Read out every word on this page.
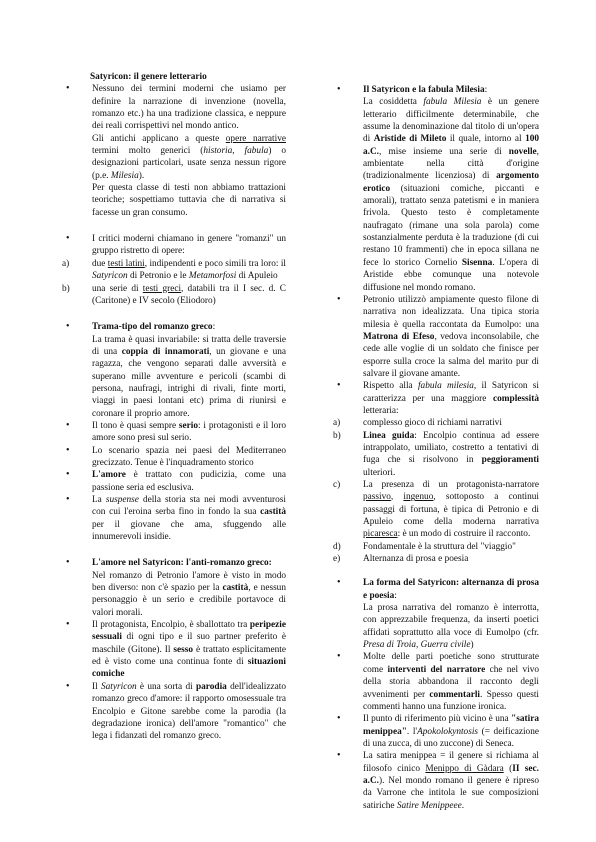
Satyricon: il genere letterario

• Nessuno dei termini moderni che usiamo per definire la narrazione di invenzione (novella, romanzo etc.) ha una tradizione classica, e neppure dei reali corrispettivi nel mondo antico.

Gli antichi applicano a queste opere narrative termini molto generici (historia, fabula) o designazioni particolari, usate senza nessun rigore (p.e. Milesia).

Per questa classe di testi non abbiamo trattazioni teoriche; sospettiamo tuttavia che di narrativa si facesse un gran consumo.

• I critici moderni chiamano in genere "romanzi" un gruppo ristretto di opere:

a) due testi latini, indipendenti e poco simili tra loro: il Satyricon di Petronio e le Metamorfosi di Apuleio

b) una serie di testi greci, databili tra il I sec. d. C (Caritone) e IV secolo (Eliodoro)

• Trama-tipo del romanzo greco:

La trama è quasi invariabile: si tratta delle traversie di una coppia di innamorati, un giovane e una ragazza, che vengono separati dalle avversità e superano mille avventure e pericoli (scambi di persona, naufragi, intrighi di rivali, finte morti, viaggi in paesi lontani etc) prima di riunirsi e coronare il proprio amore.

• Il tono è quasi sempre serio: i protagonisti e il loro amore sono presi sul serio.

• Lo scenario spazia nei paesi del Mediterraneo grecizzato. Tenue è l'inquadramento storico

• L'amore è trattato con pudicizia, come una passione seria ed esclusiva.

• La suspense della storia sta nei modi avventurosi con cui l'eroina serba fino in fondo la sua castità per il giovane che ama, sfuggendo alle innumerevoli insidie.

• L'amore nel Satyricon: l'anti-romanzo greco:

Nel romanzo di Petronio l'amore è visto in modo ben diverso: non c'è spazio per la castità, e nessun personaggio è un serio e credibile portavoce di valori morali.

• Il protagonista, Encolpio, è sballottato tra peripezie sessuali di ogni tipo e il suo partner preferito è maschile (Gitone). Il sesso è trattato esplicitamente ed è visto come una continua fonte di situazioni comiche

• Il Satyricon è una sorta di parodia dell'idealizzato romanzo greco d'amore: il rapporto omosessuale tra Encolpio e Gitone sarebbe come la parodia (la degradazione ironica) dell'amore "romantico" che lega i fidanzati del romanzo greco.

• Il Satyricon e la fabula Milesia:

La cosiddetta fabula Milesia è un genere letterario difficilmente determinabile, che assume la denominazione dal titolo di un'opera di Aristide di Mileto il quale, intorno al 100 a.C., mise insieme una serie di novelle, ambientate nella città d'origine (tradizionalmente licenziosa) di argomento erotico (situazioni comiche, piccanti e amorali), trattato senza patetismi e in maniera frivola. Questo testo è completamente naufragato (rimane una sola parola) come sostanzialmente perduta è la traduzione (di cui restano 10 frammenti) che in epoca sillana ne fece lo storico Cornelio Sisenna. L'opera di Aristide ebbe comunque una notevole diffusione nel mondo romano.

• Petronio utilizzò ampiamente questo filone di narrativa non idealizzata. Una tipica storia milesia è quella raccontata da Eumolpo: una Matrona di Efeso, vedova inconsolabile, che cede alle voglie di un soldato che finisce per esporre sulla croce la salma del marito pur di salvare il giovane amante.

• Rispetto alla fabula milesia, il Satyricon si caratterizza per una maggiore complessità letteraria:

a) complesso gioco di richiami narrativi

b) Linea guida: Encolpio continua ad essere intrappolato, umiliato, costretto a tentativi di fuga che si risolvono in peggioramenti ulteriori.

c) La presenza di un protagonista-narratore passivo, ingenuo, sottoposto a continui passaggi di fortuna, è tipica di Petronio e di Apuleio come della moderna narrativa picaresca: è un modo di costruire il racconto.

d) Fondamentale è la struttura del "viaggio"

e) Alternanza di prosa e poesia

• La forma del Satyricon: alternanza di prosa e poesia:

La prosa narrativa del romanzo è interrotta, con apprezzabile frequenza, da inserti poetici affidati soprattutto alla voce di Eumolpo (cfr. Presa di Troia, Guerra civile)

• Molte delle parti poetiche sono strutturate come interventi del narratore che nel vivo della storia abbandona il racconto degli avvenimenti per commentarli. Spesso questi commenti hanno una funzione ironica.

• Il punto di riferimento più vicino è una "satira menippea". l'Apokolokyntosis (= deificazione di una zucca, di uno zuccone) di Seneca.

• La satira menippea = il genere si richiama al filosofo cinico Menippo di Gàdara (II sec. a.C.). Nel mondo romano il genere è ripreso da Varrone che intitola le sue composizioni satiriche Satire Menippeee.
